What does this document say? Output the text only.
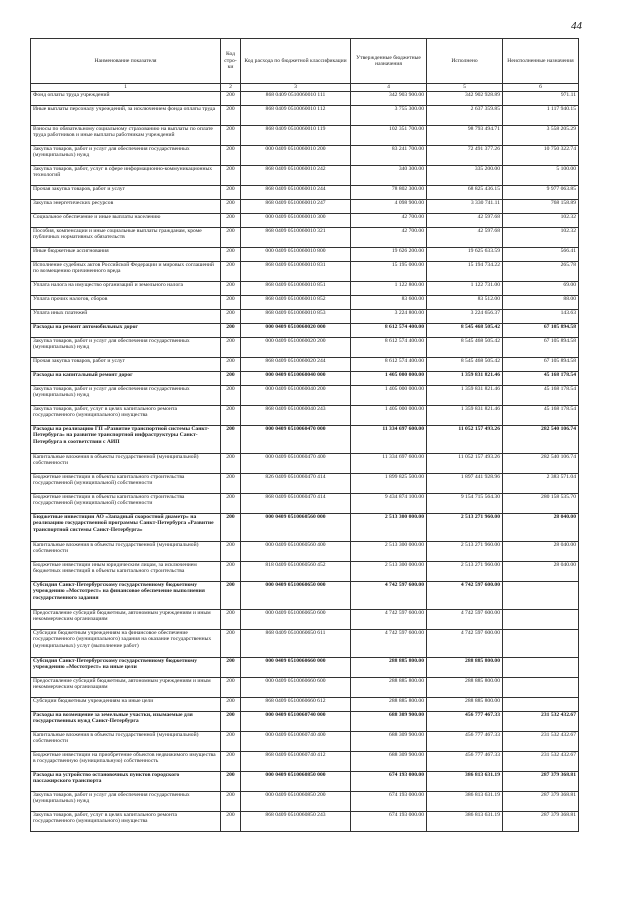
44
Наименование показателя	Код стро-ки	Код расхода по бюджетной классификации	Утвержденные бюджетные назначения	Исполнено	Неисполненные назначения
1	2	3	4	5	6
Фонд оплаты труда учреждений	200	868 0409 0510060010 111	342 903 900.00	342 902 928.89	971.11
Иные выплаты персоналу учреждений, за исключением фонда оплаты труда	200	868 0409 0510060010 112	3 755 300.00	2 637 359.85	1 117 940.15
Взносы по обязательному социальному страхованию на выплаты по оплате труда работников и иные выплаты работникам учреждений	200	868 0409 0510060010 119	102 351 700.00	98 793 494.71	3 558 205.29
Закупка товаров, работ и услуг для обеспечения государственных (муниципальных) нужд	200	000 0409 0510060010 200	83 241 700.00	72 491 377.26	10 750 322.74
Закупка товаров, работ, услуг в сфере информационно-коммуникационных технологий	200	868 0409 0510060010 242	340 300.00	335 200.00	5 100.00
Прочая закупка товаров, работ и услуг	200	868 0409 0510060010 244	78 802 300.00	68 825 436.15	9 977 063.85
Закупка энергетических ресурсов	200	868 0409 0510060010 247	4 098 900.00	3 330 741.11	768 158.89
Социальное обеспечение и иные выплаты населению	200	000 0409 0510060010 300	42 700.00	42 597.68	102.32
Пособия, компенсации и иные социальные выплаты гражданам, кроме публичных нормативных обязательств	200	868 0409 0510060010 321	42 700.00	42 597.68	102.32
Иные бюджетные ассигнования	200	000 0409 0510060010 800	19 626 200.00	19 625 633.59	566.41
Исполнение судебных актов Российской Федерации и мировых соглашений по возмещению причиненного вреда	200	868 0409 0510060010 831	15 195 000.00	15 194 734.22	265.78
Уплата налога на имущество организаций и земельного налога	200	868 0409 0510060010 851	1 122 800.00	1 122 731.00	69.00
Уплата прочих налогов, сборов	200	868 0409 0510060010 852	83 600.00	83 512.00	88.00
Уплата иных платежей	200	868 0409 0510060010 853	3 224 800.00	3 224 656.37	143.63
Расходы на ремонт автомобильных дорог	200	000 0409 0510060020 000	8 612 574 400.00	8 545 468 505.42	67 105 894.58
Закупка товаров, работ и услуг для обеспечения государственных (муниципальных) нужд	200	000 0409 0510060020 200	8 612 574 400.00	8 545 468 505.42	67 105 894.58
Прочая закупка товаров, работ и услуг	200	868 0409 0510060020 244	8 612 574 400.00	8 545 468 505.42	67 105 894.58
Расходы на капитальный ремонт дорог	200	000 0409 0510060040 000	1 405 000 000.00	1 359 831 821.46	45 168 178.54
Закупка товаров, работ и услуг для обеспечения государственных (муниципальных) нужд	200	000 0409 0510060040 200	1 405 000 000.00	1 359 831 821.46	45 168 178.54
Закупка товаров, работ, услуг в целях капитального ремонта государственного (муниципального) имущества	200	868 0409 0510060040 243	1 405 000 000.00	1 359 831 821.46	45 168 178.54
Расходы на реализацию ГП «Развитие транспортной системы Санкт-Петербурга» на развитие транспортной инфраструктуры Санкт-Петербурга в соответствии с АИП	200	000 0409 0510060470 000	11 334 697 600.00	11 052 157 493.26	282 540 106.74
Капитальные вложения в объекты государственной (муниципальной) собственности	200	000 0409 0510060470 400	11 334 697 600.00	11 052 157 493.26	282 540 106.74
Бюджетные инвестиции в объекты капитального строительства государственной (муниципальной) собственности	200	826 0409 0510060470 414	1 899 825 500.00	1 897 441 928.96	2 383 571.04
Бюджетные инвестиции в объекты капитального строительства государственной (муниципальной) собственности	200	868 0409 0510060470 414	9 434 874 100.00	9 154 715 564.30	280 158 535.70
Бюджетные инвестиции АО «Западный скоростной диаметр» на реализацию государственной программы Санкт-Петербурга «Развитие транспортной системы Санкт-Петербурга»	200	000 0409 0510060560 000	2 513 300 000.00	2 513 271 960.00	28 040.00
Капитальные вложения в объекты государственной (муниципальной) собственности	200	000 0409 0510060560 400	2 513 300 000.00	2 513 271 960.00	28 040.00
Бюджетные инвестиции иным юридическим лицам, за исключением бюджетных инвестиций в объекты капитального строительства	200	818 0409 0510060560 452	2 513 300 000.00	2 513 271 960.00	28 040.00
Субсидия Санкт-Петербургскому государственному бюджетному учреждению «Мостотрест» на финансовое обеспечение выполнения государственного задания	200	000 0409 0510060650 000	4 742 597 600.00	4 742 597 600.00	
Предоставление субсидий бюджетным, автономным учреждениям и иным некоммерческим организациям	200	000 0409 0510060650 600	4 742 597 600.00	4 742 597 600.00	
Субсидии бюджетным учреждениям на финансовое обеспечение государственного (муниципального) задания на оказание государственных (муниципальных) услуг (выполнение работ)	200	868 0409 0510060650 611	4 742 597 600.00	4 742 597 600.00	
Субсидия Санкт-Петербургскому государственному бюджетному учреждению «Мостотрест» на иные цели	200	000 0409 0510060660 000	288 885 800.00	288 885 800.00	
Предоставление субсидий бюджетным, автономным учреждениям и иным некоммерческим организациям	200	000 0409 0510060660 600	288 885 800.00	288 885 800.00	
Субсидии бюджетным учреждениям на иные цели	200	868 0409 0510060660 612	288 885 800.00	288 885 800.00	
Расходы на возмещение за земельные участки, изымаемые для государственных нужд Санкт-Петербурга	200	000 0409 0510060740 000	688 309 900.00	456 777 467.33	231 532 432.67
Капитальные вложения в объекты государственной (муниципальной) собственности	200	000 0409 0510060740 400	688 309 900.00	456 777 467.33	231 532 432.67
Бюджетные инвестиции на приобретение объектов недвижимого имущества в государственную (муниципальную) собственность	200	868 0409 0510060740 412	688 309 900.00	456 777 467.33	231 532 432.67
Расходы на устройство остановочных пунктов городского пассажирского транспорта	200	000 0409 0510060850 000	674 193 000.00	386 813 631.19	287 379 368.81
Закупка товаров, работ и услуг для обеспечения государственных (муниципальных) нужд	200	000 0409 0510060850 200	674 193 000.00	386 813 631.19	287 379 368.81
Закупка товаров, работ, услуг в целях капитального ремонта государственного (муниципального) имущества	200	868 0409 0510060850 243	674 193 000.00	386 813 631.19	287 379 368.81
